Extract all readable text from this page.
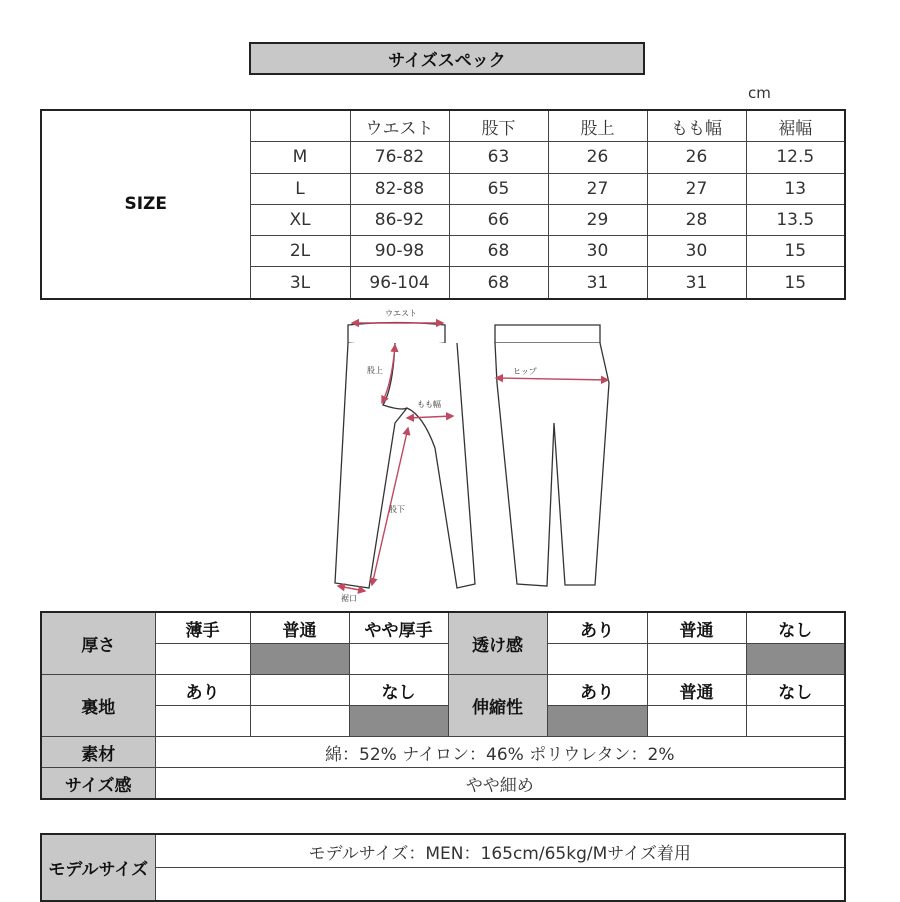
サイズスペック
cm
SIZE		ウエスト	股下	股上	もも幅	裾幅
	M	76-82	63	26	26	12.5
	L	82-88	65	27	27	13
	XL	86-92	66	29	28	13.5
	2L	90-98	68	30	30	15
	3L	96-104	68	31	31	15
ウエスト
股上
もも幅
股下
裾口
ヒップ
厚さ	薄手	普通	やや厚手	透け感	あり	普通	なし

裏地	あり		なし	伸縮性	あり	普通	なし

素材	綿：52% ナイロン：46% ポリウレタン：2%						
サイズ感	やや細め						
モデルサイズ	モデルサイズ：MEN：165cm/65kg/Mサイズ着用
